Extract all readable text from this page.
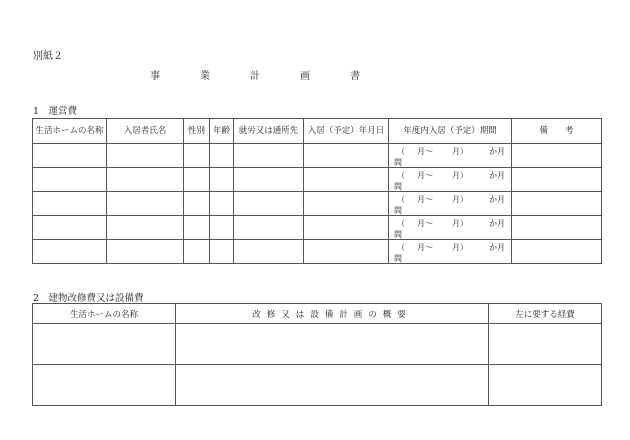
別紙２
事	業	計	画	書
1　運営費
生活ホームの名称	入居者氏名	性別	年齢	就労又は通所先	入居（予定）年月日	年度内入居（予定）期間	備　　考

						（ 月～ 月） か月
間	

						（ 月～ 月） か月
間	

						（ 月～ 月） か月
間	

						（ 月～ 月） か月
間	

						（ 月～ 月） か月
間	

2　建物改修費又は設備費
生活ホームの名称	改修又は設備計画の概要	左に要する経費
